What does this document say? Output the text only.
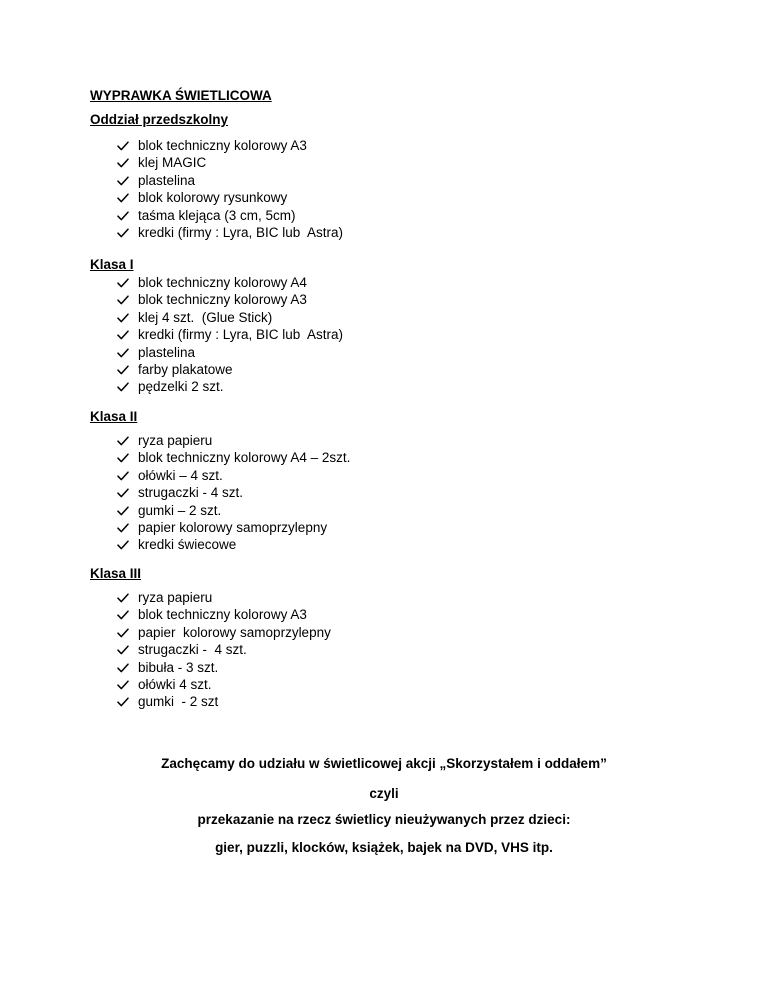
WYPRAWKA ŚWIETLICOWA

Oddział przedszkolny

blok techniczny kolorowy A3
klej MAGIC
plastelina
blok kolorowy rysunkowy
taśma klejąca (3 cm, 5cm)
kredki (firmy : Lyra, BIC lub  Astra)

Klasa I

blok techniczny kolorowy A4
blok techniczny kolorowy A3
klej 4 szt.  (Glue Stick)
kredki (firmy : Lyra, BIC lub  Astra)
plastelina
farby plakatowe
pędzelki 2 szt.

Klasa II

ryza papieru
blok techniczny kolorowy A4 – 2szt.
ołówki – 4 szt.
strugaczki - 4 szt.
gumki – 2 szt.
papier kolorowy samoprzylepny
kredki świecowe

Klasa III

ryza papieru
blok techniczny kolorowy A3
papier  kolorowy samoprzylepny
strugaczki -  4 szt.
bibuła - 3 szt.
ołówki 4 szt.
gumki  - 2 szt

Zachęcamy do udziału w świetlicowej akcji „Skorzystałem i oddałem”

czyli

przekazanie na rzecz świetlicy nieużywanych przez dzieci:

gier, puzzli, klocków, książek, bajek na DVD, VHS itp.
